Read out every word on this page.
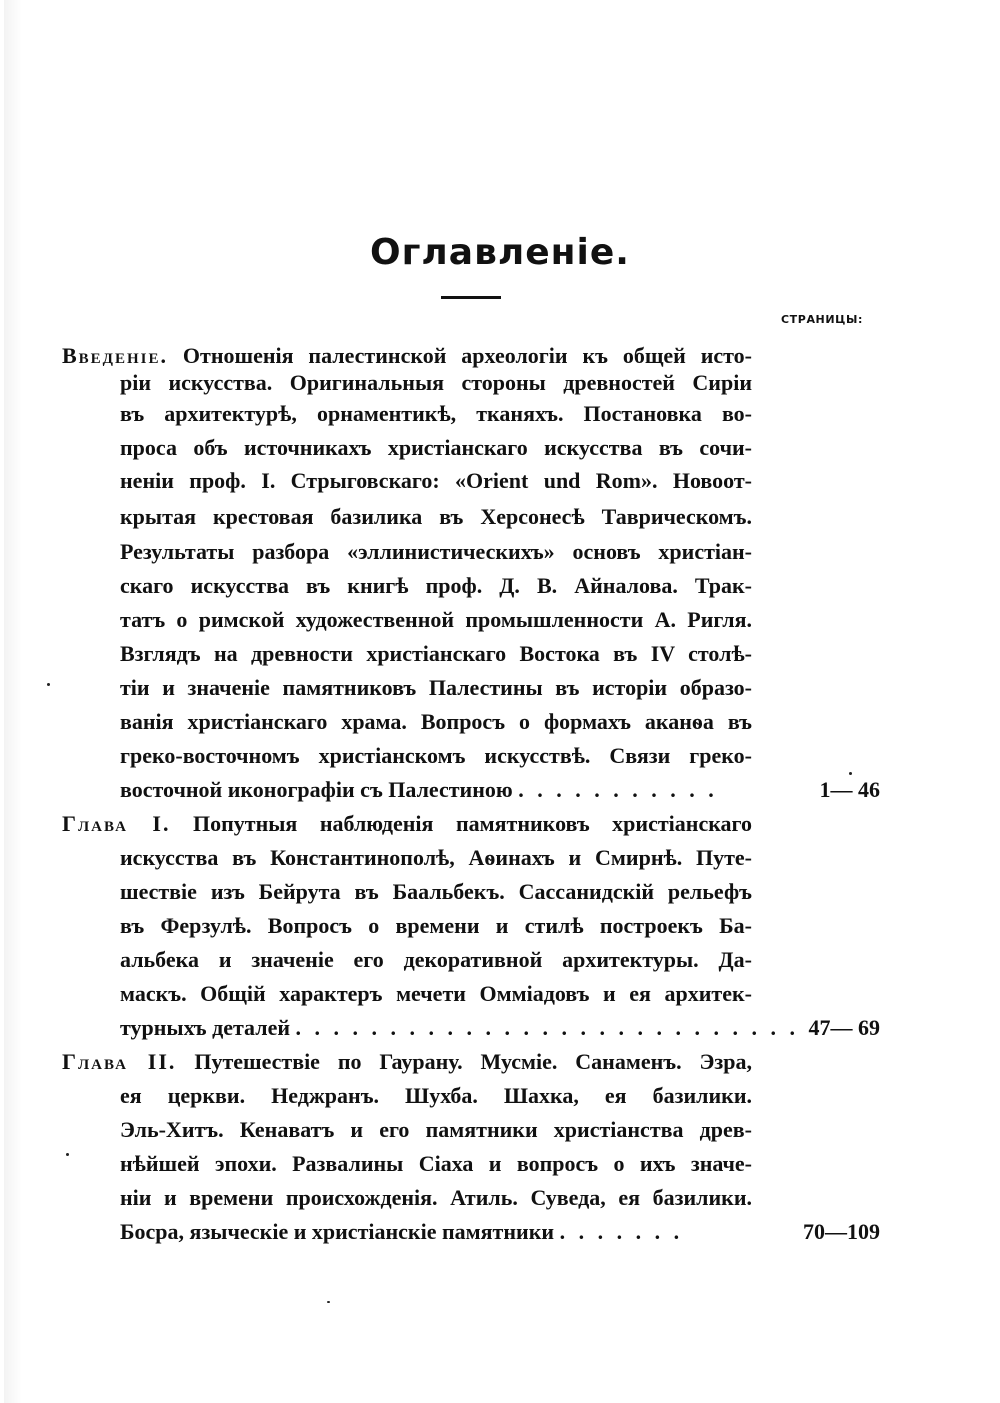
Оглавленіе.
СТРАНИЦЫ:
Введеніе. Отношенія палестинской археологіи къ общей исто-
ріи искусства. Оригинальныя стороны древностей Сиріи
въ архитектурѣ, орнаментикѣ, тканяхъ. Постановка во-
проса объ источникахъ христіанскаго искусства въ сочи-
неніи проф. І. Стрыговскаго: «Orient und Rom». Новоот-
крытая крестовая базилика въ Херсонесѣ Таврическомъ.
Результаты разбора «эллинистическихъ» основъ христіан-
скаго искусства въ книгѣ проф. Д. В. Айналова. Трак-
татъ о римской художественной промышленности А. Ригля.
Взглядъ на древности христіанскаго Востока въ IV столѣ-
тіи и значеніе памятниковъ Палестины въ исторіи образо-
ванія христіанскаго храма. Вопросъ о формахъ аканѳа въ
греко-восточномъ христіанскомъ искусствѣ. Связи греко-
восточной иконографіи съ Палестиною . . . . . . . . . . .	1— 46
Глава I. Попутныя наблюденія памятниковъ христіанскаго
искусства въ Константинополѣ, Аѳинахъ и Смирнѣ. Путе-
шествіе изъ Бейрута въ Баальбекъ. Сассанидскій рельефъ
въ Ферзулѣ. Вопросъ о времени и стилѣ построекъ Ба-
альбека и значеніе его декоративной архитектуры. Да-
маскъ. Общій характеръ мечети Оммiадовъ и ея архитек-
турныхъ деталей . . . . . . . . . . . . . . . . . . . . . . . . . . . 47— 69
Глава II. Путешествіе по Гаурану. Мусміе. Санаменъ. Эзра,
ея церкви. Неджранъ. Шухба. Шахка, ея базилики.
Эль-Хитъ. Кенаватъ и его памятники христіанства древ-
нѣйшей эпохи. Развалины Сіаха и вопросъ о ихъ значе-
ніи и времени происхожденія. Атиль. Суведа, ея базилики.
Босра, языческіе и христіанскіе памятники . . . . . . .	70—109
